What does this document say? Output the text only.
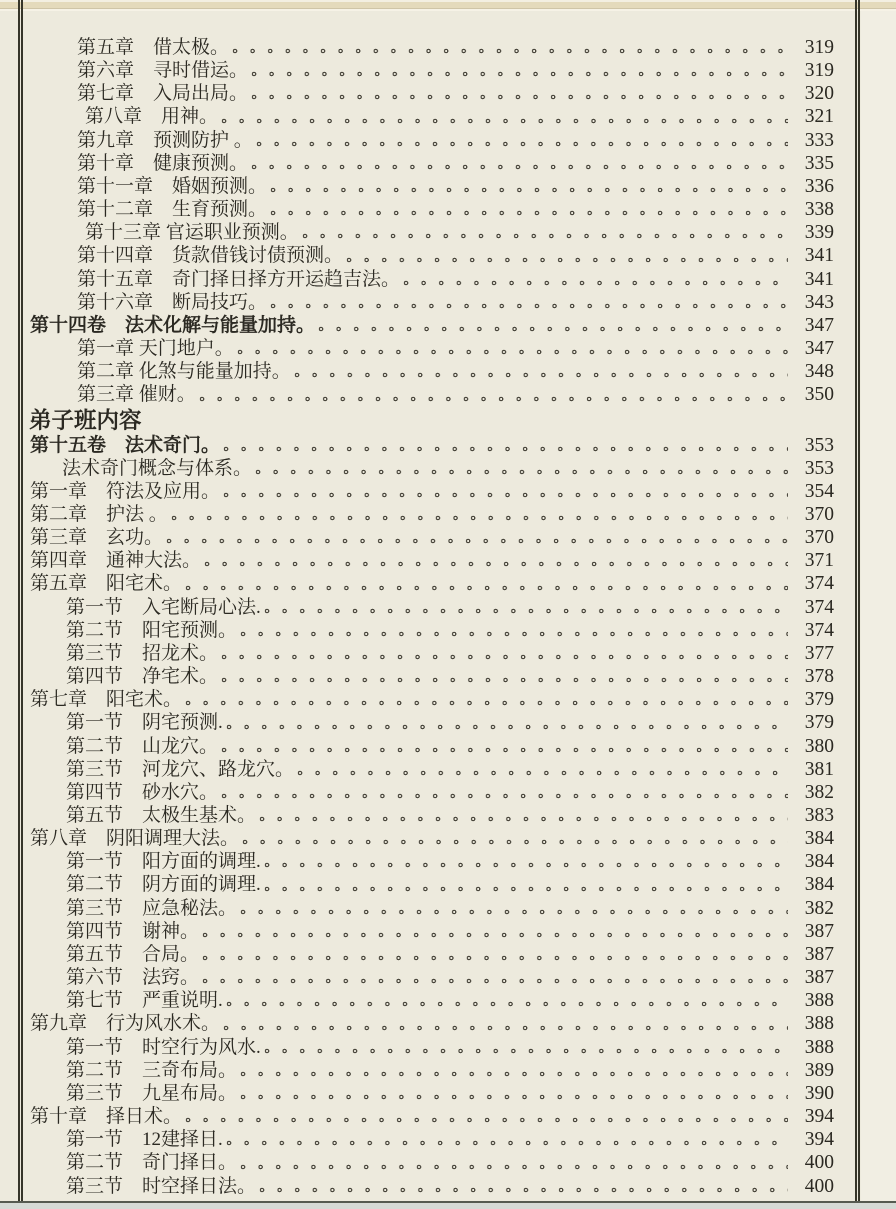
第五章　借太极。	319
第六章　寻时借运。	319
第七章　入局出局。	320
第八章　用神。	321
第九章　预测防护 。	333
第十章　健康预测。	335
第十一章　婚姻预测。	336
第十二章　生育预测。	338
第十三章 官运职业预测。	339
第十四章　货款借钱讨债预测。	341
第十五章　奇门择日择方开运趋吉法。	341
第十六章　断局技巧。	343
第十四卷　法术化解与能量加持。	347
第一章 天门地户。	347
第二章 化煞与能量加持。	348
第三章 催财。	350
弟子班内容
第十五卷　法术奇门。	353
法术奇门概念与体系。	353
第一章　符法及应用。	354
第二章　护法 。	370
第三章　玄功。	370
第四章　通神大法。	371
第五章　阳宅术。	374
第一节　入宅断局心法.	374
第二节　阳宅预测。	374
第三节　招龙术。	377
第四节　净宅术。	378
第七章　阳宅术。	379
第一节　阴宅预测.	379
第二节　山龙穴。	380
第三节　河龙穴、路龙穴。	381
第四节　砂水穴。	382
第五节　太极生基术。	383
第八章　阴阳调理大法。	384
第一节　阳方面的调理.	384
第二节　阴方面的调理.	384
第三节　应急秘法。	382
第四节　谢神。	387
第五节　合局。	387
第六节　法窍。	387
第七节　严重说明.	388
第九章　行为风水术。	388
第一节　时空行为风水.	388
第二节　三奇布局。	389
第三节　九星布局。	390
第十章　择日术。	394
第一节　12建择日.	394
第二节　奇门择日。	400
第三节　时空择日法。	400
